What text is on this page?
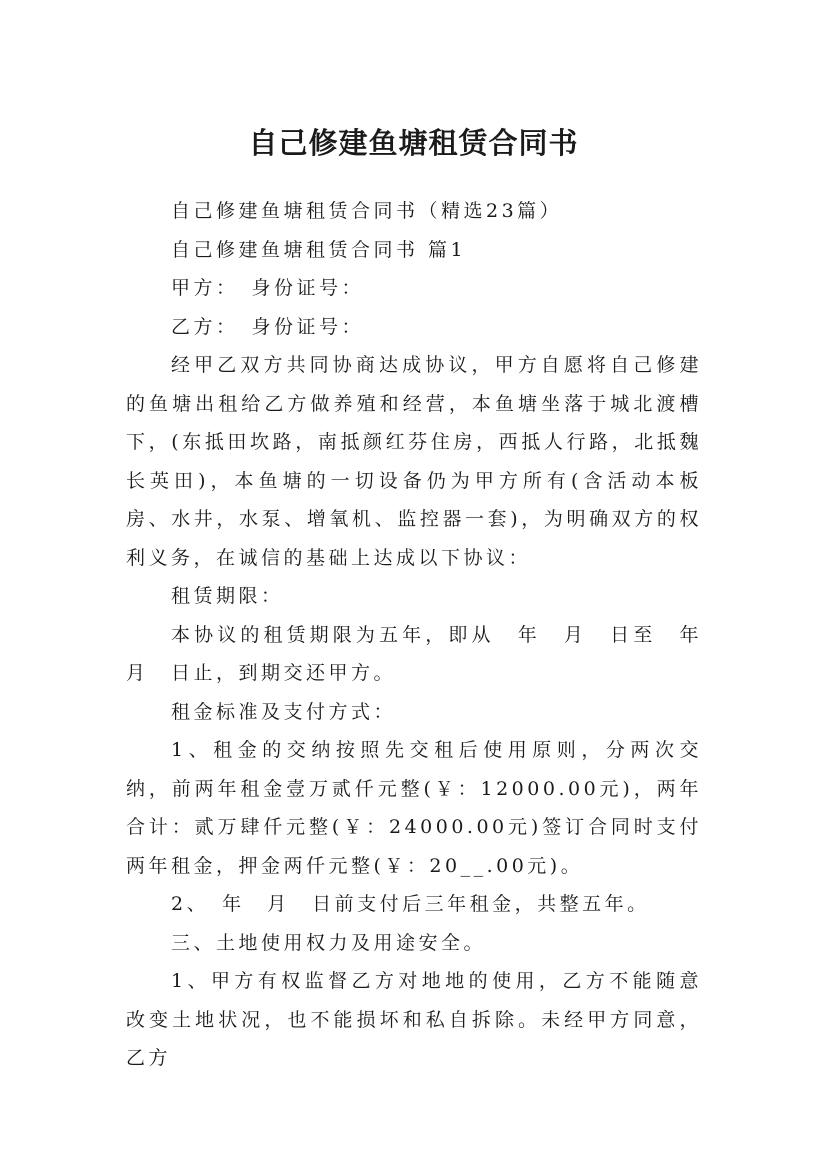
自己修建鱼塘租赁合同书

自己修建鱼塘租赁合同书（精选23篇）

自己修建鱼塘租赁合同书 篇1

甲方：　身份证号：

乙方：　身份证号：

经甲乙双方共同协商达成协议，甲方自愿将自己修建的鱼塘出租给乙方做养殖和经营，本鱼塘坐落于城北渡槽下，(东抵田坎路，南抵颜红芬住房，西抵人行路，北抵魏长英田)，本鱼塘的一切设备仍为甲方所有(含活动本板房、水井，水泵、增氧机、监控器一套)，为明确双方的权利义务，在诚信的基础上达成以下协议：

租赁期限：

本协议的租赁期限为五年，即从　年　月　日至　年　月　日止，到期交还甲方。

租金标准及支付方式：

1、租金的交纳按照先交租后使用原则，分两次交纳，前两年租金壹万贰仟元整(￥：12000.00元)，两年合计：贰万肆仟元整(￥：24000.00元)签订合同时支付两年租金，押金两仟元整(￥：20__.00元)。

2、　年　月　日前支付后三年租金，共整五年。

三、土地使用权力及用途安全。

1、甲方有权监督乙方对地地的使用，乙方不能随意改变土地状况，也不能损坏和私自拆除。未经甲方同意，乙方
